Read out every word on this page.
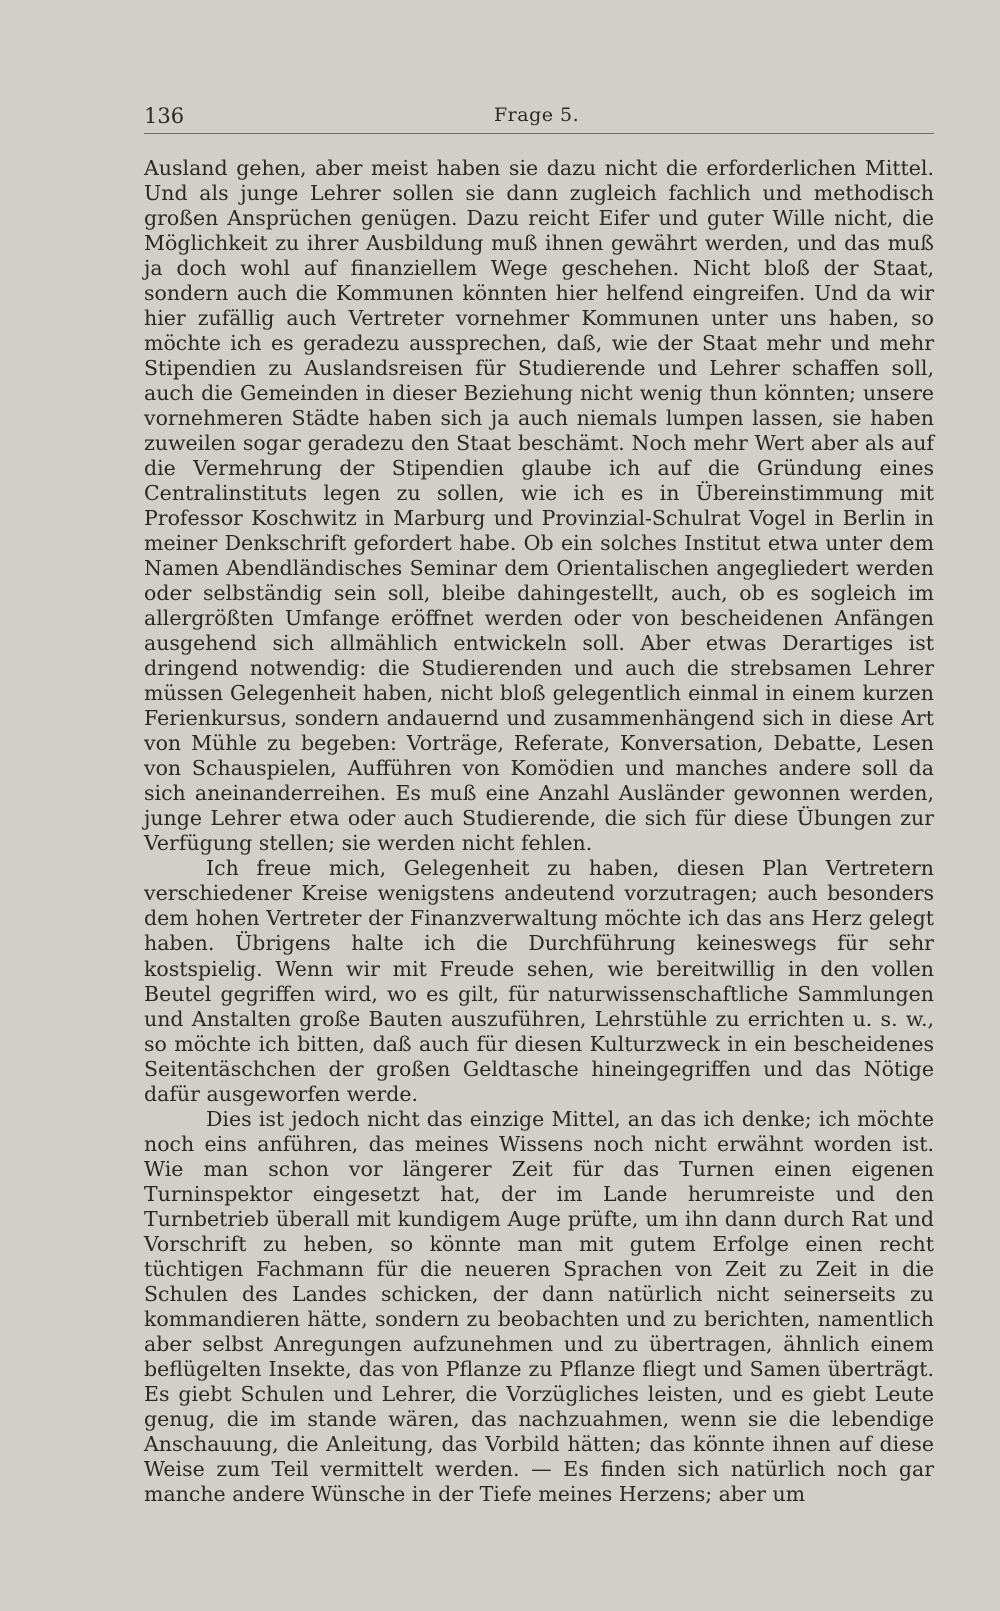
136	Frage 5.

Ausland gehen, aber meist haben sie dazu nicht die erforderlichen Mittel. Und als junge Lehrer sollen sie dann zugleich fachlich und methodisch großen Ansprüchen genügen. Dazu reicht Eifer und guter Wille nicht, die Möglichkeit zu ihrer Ausbildung muß ihnen gewährt werden, und das muß ja doch wohl auf finanziellem Wege geschehen. Nicht bloß der Staat, sondern auch die Kommunen könnten hier helfend eingreifen. Und da wir hier zufällig auch Vertreter vornehmer Kommunen unter uns haben, so möchte ich es geradezu aussprechen, daß, wie der Staat mehr und mehr Stipendien zu Auslandsreisen für Studierende und Lehrer schaffen soll, auch die Gemeinden in dieser Beziehung nicht wenig thun könnten; unsere vornehmeren Städte haben sich ja auch niemals lumpen lassen, sie haben zuweilen sogar geradezu den Staat beschämt. Noch mehr Wert aber als auf die Vermehrung der Stipendien glaube ich auf die Gründung eines Centralinstituts legen zu sollen, wie ich es in Übereinstimmung mit Professor Koschwitz in Marburg und Provinzial-Schulrat Vogel in Berlin in meiner Denkschrift gefordert habe. Ob ein solches Institut etwa unter dem Namen Abendländisches Seminar dem Orientalischen angegliedert werden oder selbständig sein soll, bleibe dahingestellt, auch, ob es sogleich im allergrößten Umfange eröffnet werden oder von bescheidenen Anfängen ausgehend sich allmählich entwickeln soll. Aber etwas Derartiges ist dringend notwendig: die Studierenden und auch die strebsamen Lehrer müssen Gelegenheit haben, nicht bloß gelegentlich einmal in einem kurzen Ferienkursus, sondern andauernd und zusammenhängend sich in diese Art von Mühle zu begeben: Vorträge, Referate, Konversation, Debatte, Lesen von Schauspielen, Aufführen von Komödien und manches andere soll da sich aneinanderreihen. Es muß eine Anzahl Ausländer gewonnen werden, junge Lehrer etwa oder auch Studierende, die sich für diese Übungen zur Verfügung stellen; sie werden nicht fehlen.

Ich freue mich, Gelegenheit zu haben, diesen Plan Vertretern verschiedener Kreise wenigstens andeutend vorzutragen; auch besonders dem hohen Vertreter der Finanzverwaltung möchte ich das ans Herz gelegt haben. Übrigens halte ich die Durchführung keineswegs für sehr kostspielig. Wenn wir mit Freude sehen, wie bereitwillig in den vollen Beutel gegriffen wird, wo es gilt, für naturwissenschaftliche Sammlungen und Anstalten große Bauten auszuführen, Lehrstühle zu errichten u. s. w., so möchte ich bitten, daß auch für diesen Kulturzweck in ein bescheidenes Seitentäschchen der großen Geldtasche hineingegriffen und das Nötige dafür ausgeworfen werde.

Dies ist jedoch nicht das einzige Mittel, an das ich denke; ich möchte noch eins anführen, das meines Wissens noch nicht erwähnt worden ist. Wie man schon vor längerer Zeit für das Turnen einen eigenen Turninspektor eingesetzt hat, der im Lande herumreiste und den Turnbetrieb überall mit kundigem Auge prüfte, um ihn dann durch Rat und Vorschrift zu heben, so könnte man mit gutem Erfolge einen recht tüchtigen Fachmann für die neueren Sprachen von Zeit zu Zeit in die Schulen des Landes schicken, der dann natürlich nicht seinerseits zu kommandieren hätte, sondern zu beobachten und zu berichten, namentlich aber selbst Anregungen aufzunehmen und zu übertragen, ähnlich einem beflügelten Insekte, das von Pflanze zu Pflanze fliegt und Samen überträgt. Es giebt Schulen und Lehrer, die Vorzügliches leisten, und es giebt Leute genug, die im stande wären, das nachzuahmen, wenn sie die lebendige Anschauung, die Anleitung, das Vorbild hätten; das könnte ihnen auf diese Weise zum Teil vermittelt werden. — Es finden sich natürlich noch gar manche andere Wünsche in der Tiefe meines Herzens; aber um
